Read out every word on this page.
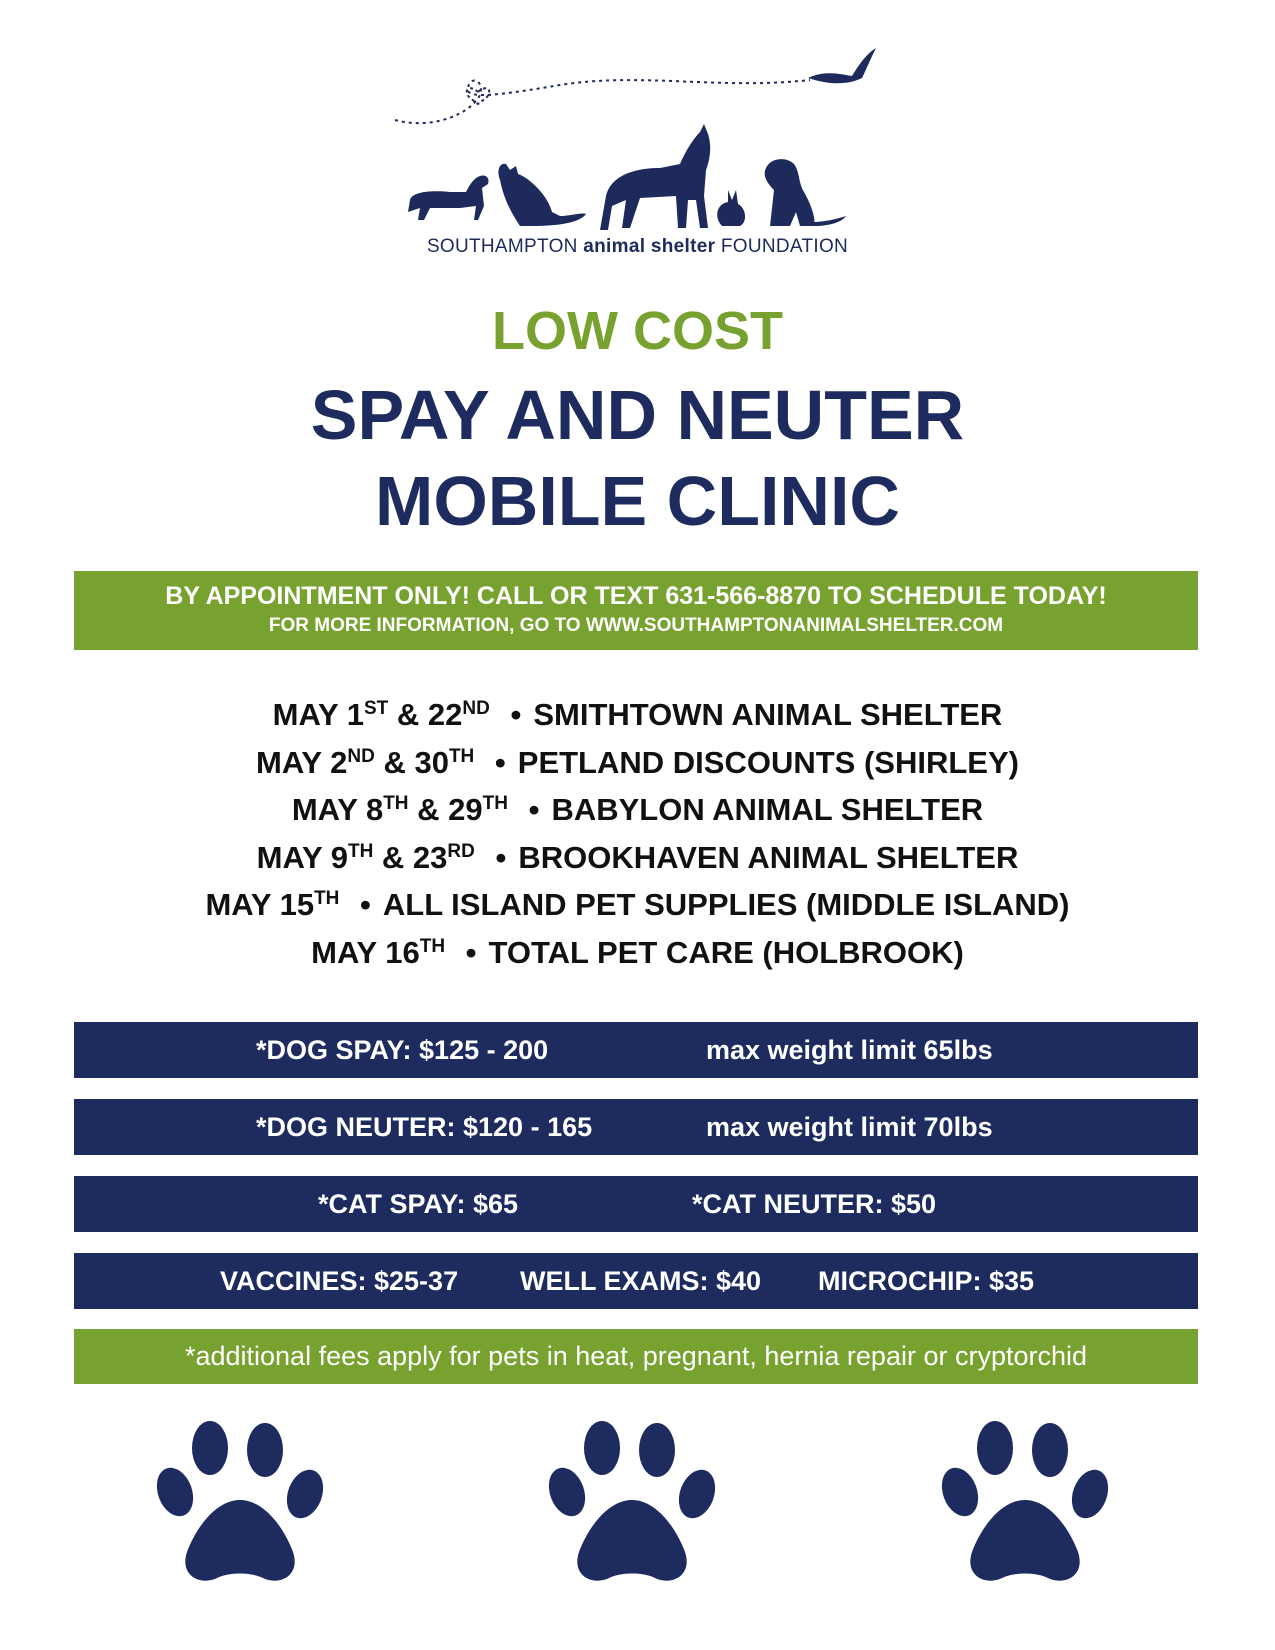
SOUTHAMPTON animal shelter FOUNDATION
LOW COST
SPAY AND NEUTER
MOBILE CLINIC
BY APPOINTMENT ONLY! CALL OR TEXT 631-566-8870 TO SCHEDULE TODAY!
FOR MORE INFORMATION, GO TO WWW.SOUTHAMPTONANIMALSHELTER.COM
MAY 1ST & 22ND • SMITHTOWN ANIMAL SHELTER
MAY 2ND & 30TH • PETLAND DISCOUNTS (SHIRLEY)
MAY 8TH & 29TH • BABYLON ANIMAL SHELTER
MAY 9TH & 23RD • BROOKHAVEN ANIMAL SHELTER
MAY 15TH • ALL ISLAND PET SUPPLIES (MIDDLE ISLAND)
MAY 16TH • TOTAL PET CARE (HOLBROOK)
*DOG SPAY: $125 - 200	max weight limit 65lbs
*DOG NEUTER: $120 - 165	max weight limit 70lbs
*CAT SPAY: $65	*CAT NEUTER: $50
VACCINES: $25-37 WELL EXAMS: $40 MICROCHIP: $35
*additional fees apply for pets in heat, pregnant, hernia repair or cryptorchid
